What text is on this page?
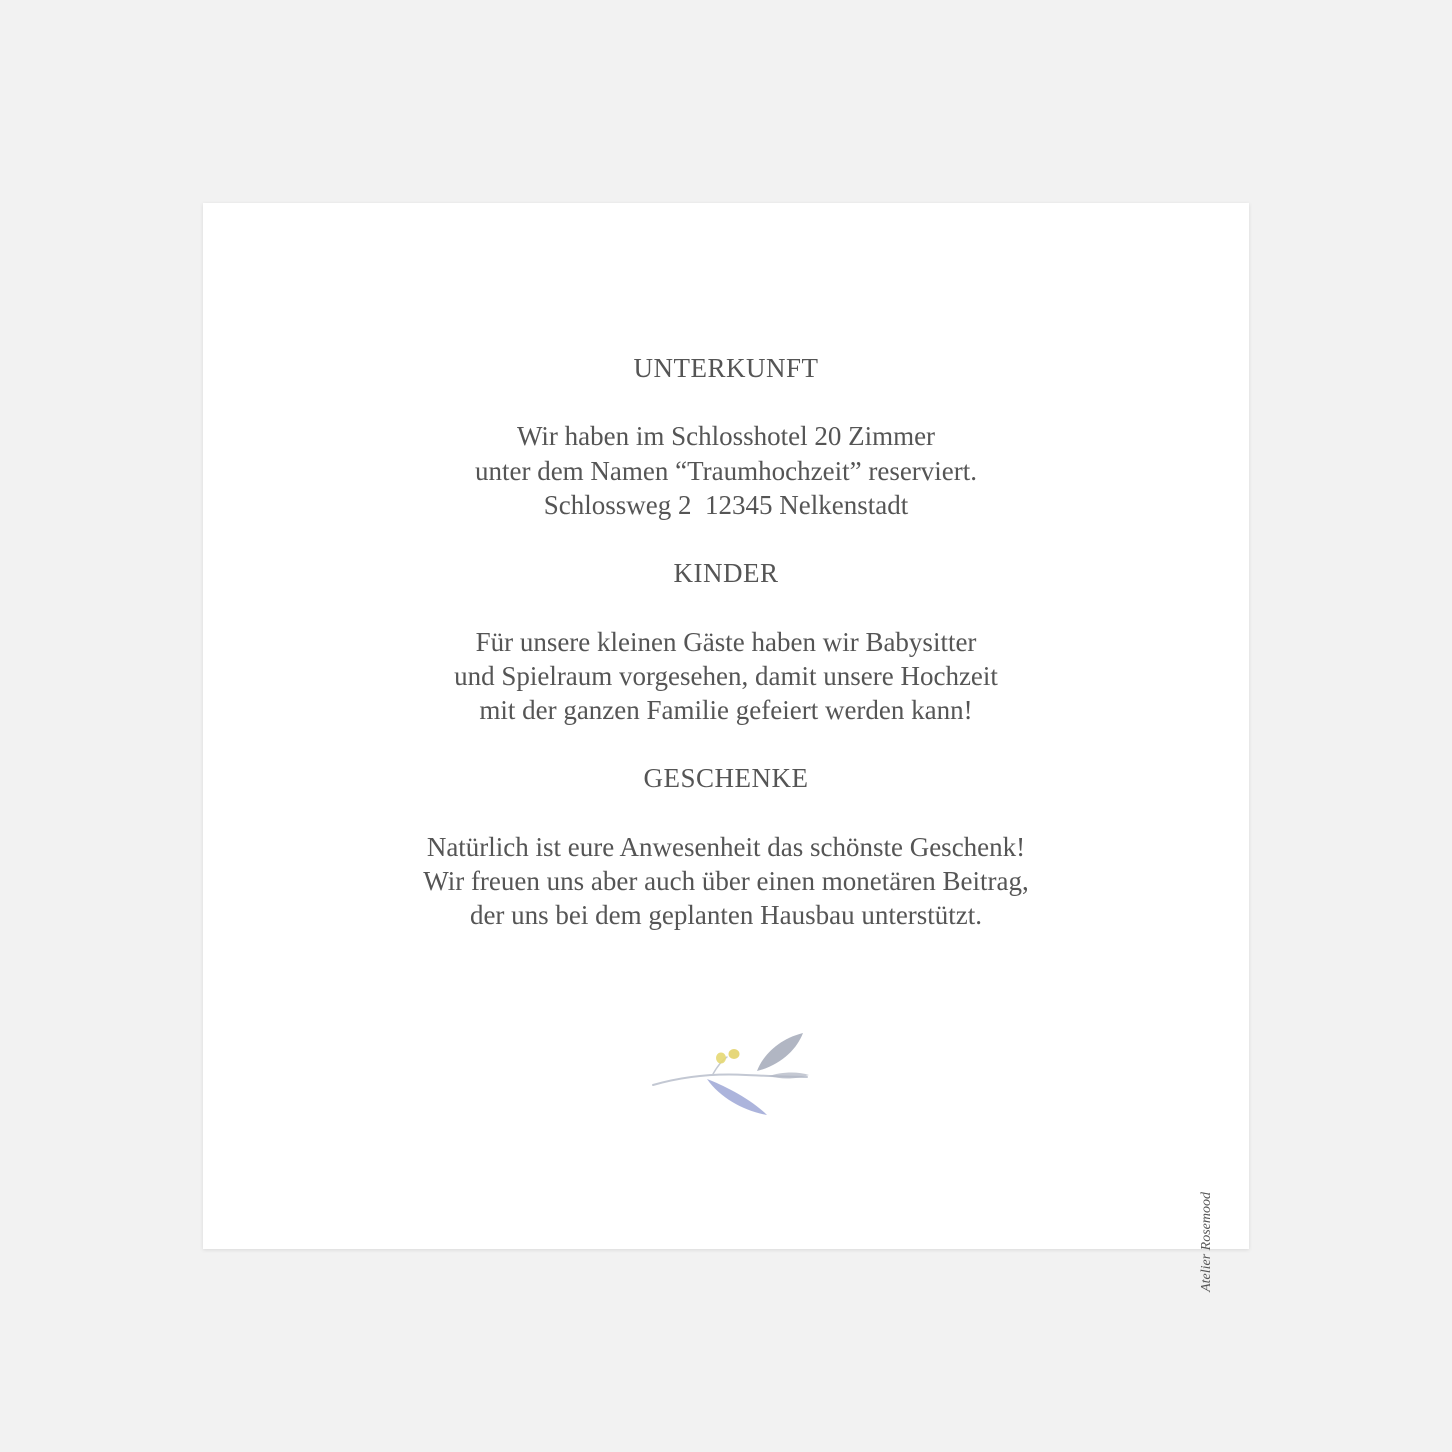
UNTERKUNFT
Wir haben im Schlosshotel 20 Zimmer
unter dem Namen “Traumhochzeit” reserviert.
Schlossweg 2  12345 Nelkenstadt
KINDER
Für unsere kleinen Gäste haben wir Babysitter
und Spielraum vorgesehen, damit unsere Hochzeit
mit der ganzen Familie gefeiert werden kann!
GESCHENKE
Natürlich ist eure Anwesenheit das schönste Geschenk!
Wir freuen uns aber auch über einen monetären Beitrag,
der uns bei dem geplanten Hausbau unterstützt.
Atelier Rosemood
